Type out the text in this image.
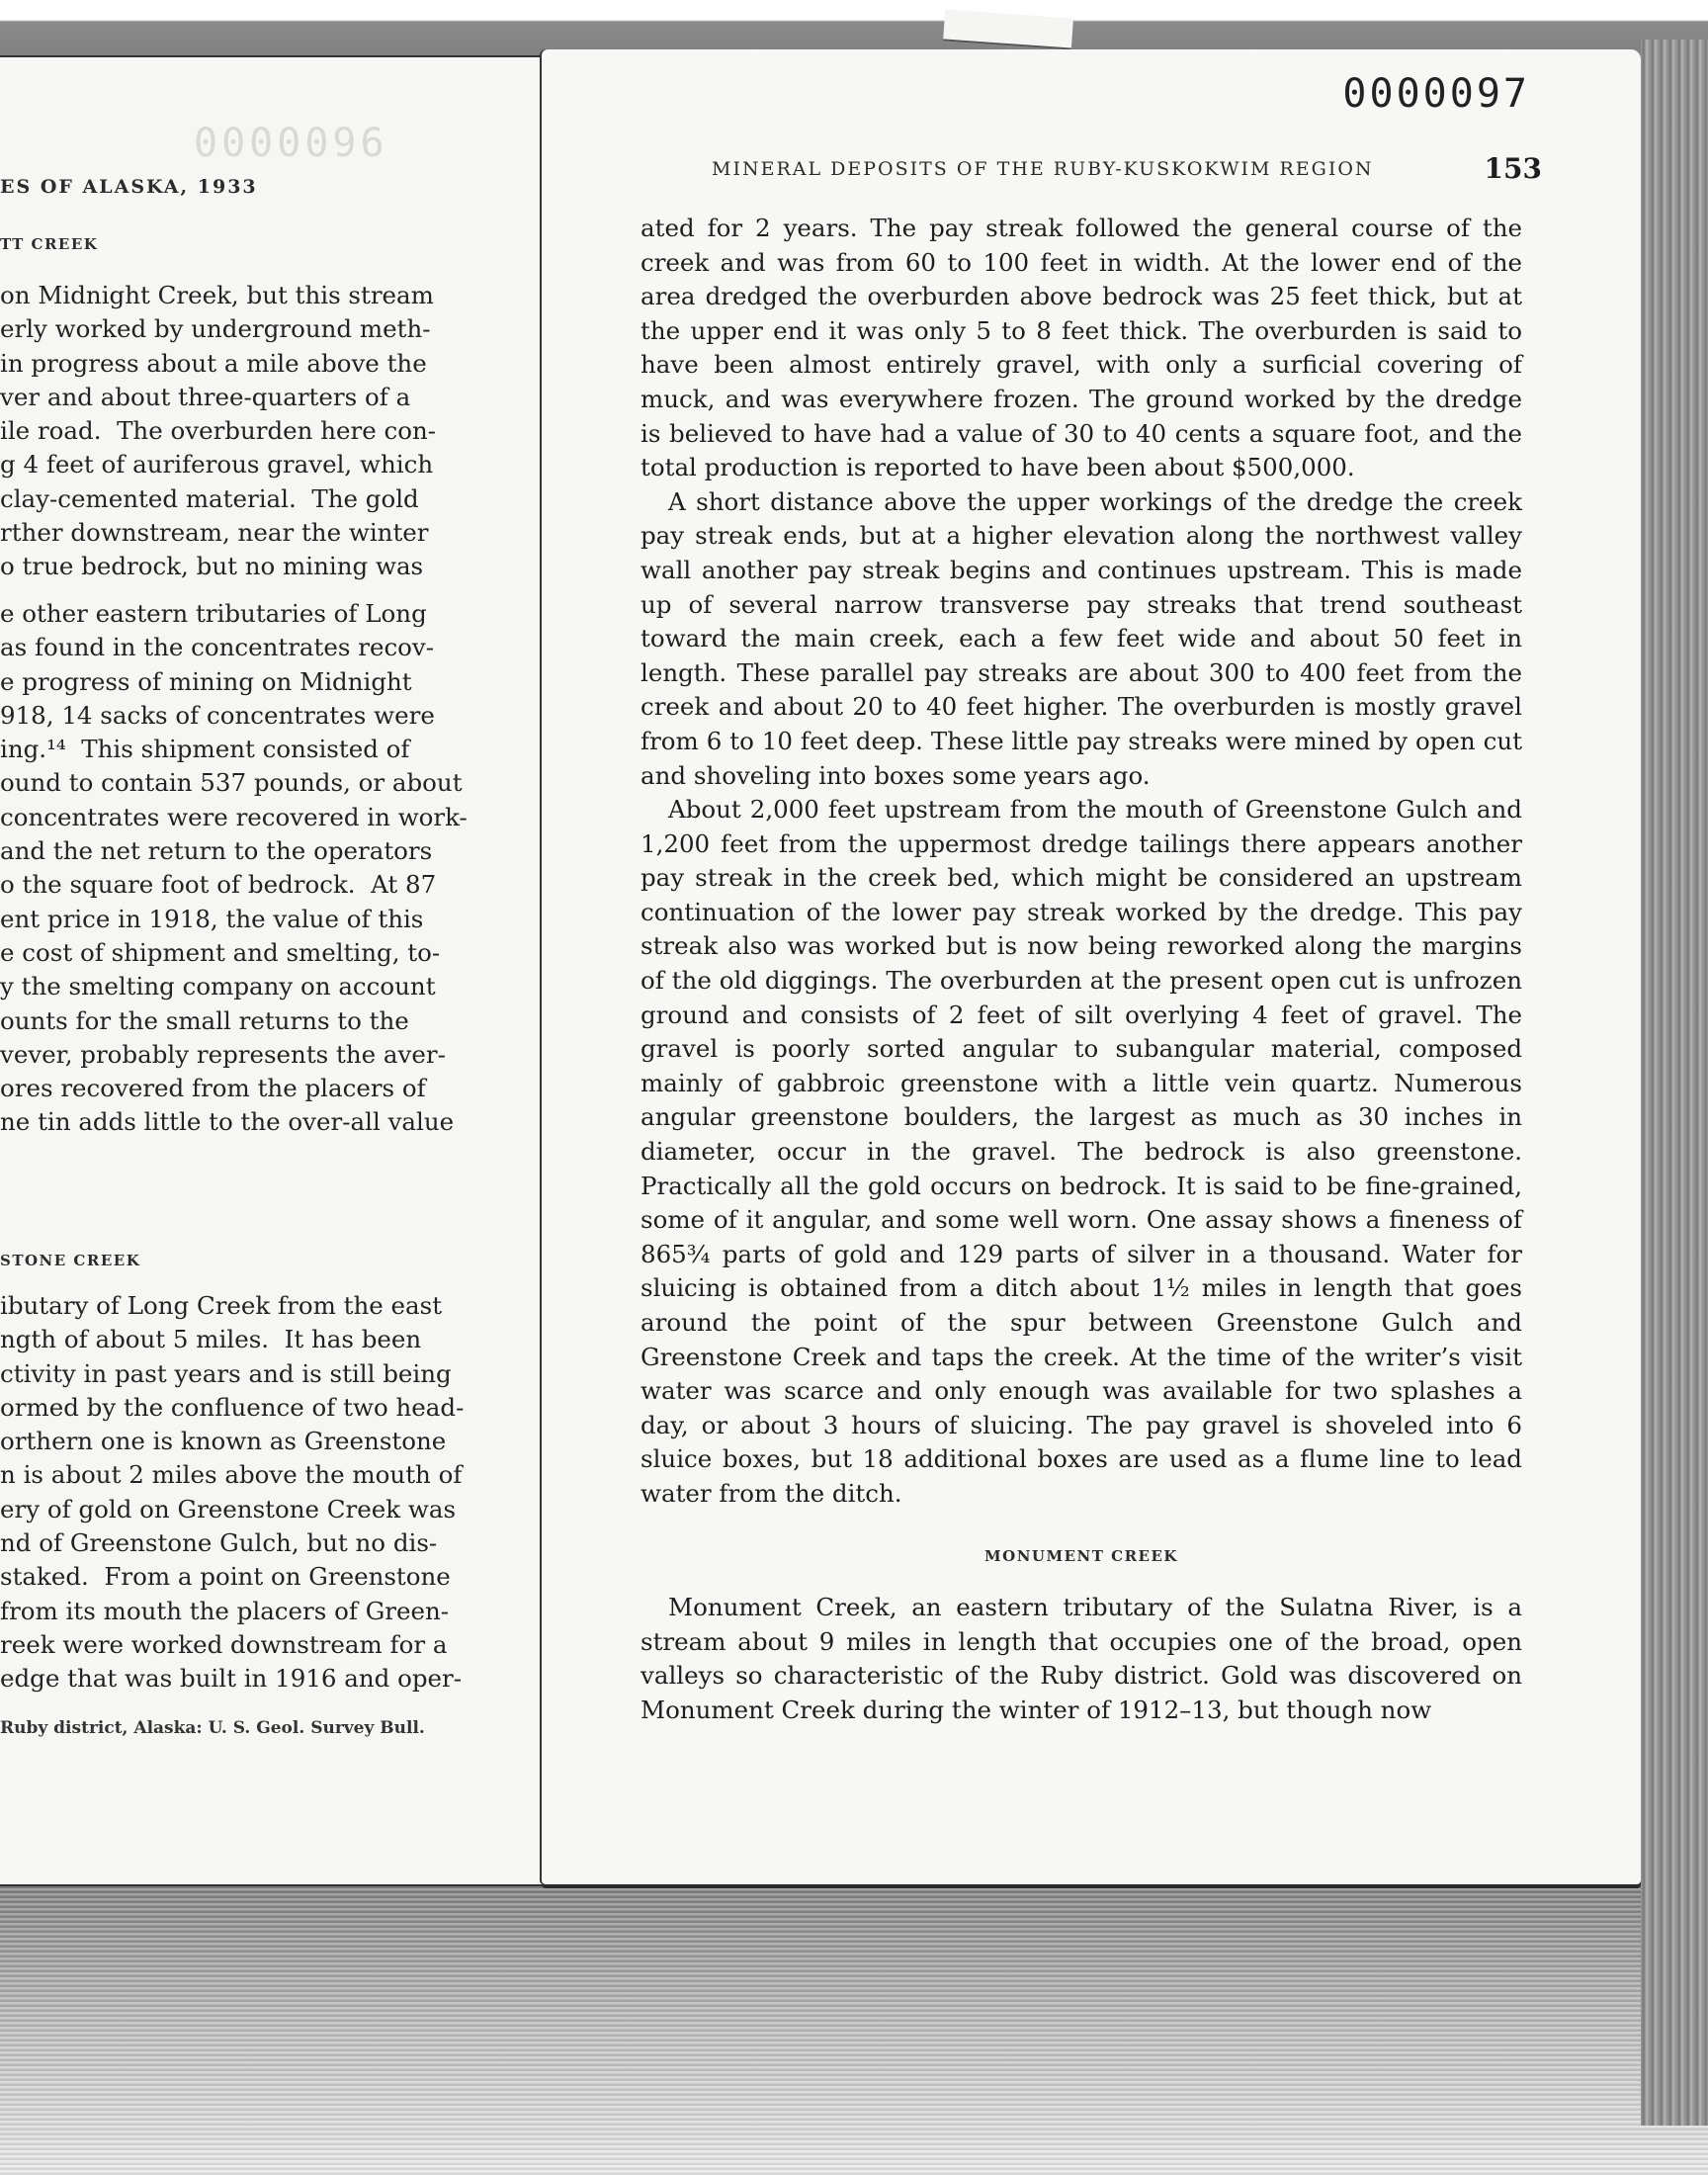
0000096
ES OF ALASKA, 1933
TT CREEK
on Midnight Creek, but this stream
erly worked by underground meth-
in progress about a mile above the
ver and about three-quarters of a
ile road.  The overburden here con-
g 4 feet of auriferous gravel, which
clay-cemented material.  The gold
rther downstream, near the winter
o true bedrock, but no mining was
e other eastern tributaries of Long
as found in the concentrates recov-
e progress of mining on Midnight
918, 14 sacks of concentrates were
ing.¹⁴  This shipment consisted of
ound to contain 537 pounds, or about
concentrates were recovered in work-
and the net return to the operators
o the square foot of bedrock.  At 87
ent price in 1918, the value of this
e cost of shipment and smelting, to-
y the smelting company on account
ounts for the small returns to the
vever, probably represents the aver-
ores recovered from the placers of
ne tin adds little to the over-all value
STONE CREEK
ibutary of Long Creek from the east
ngth of about 5 miles.  It has been
ctivity in past years and is still being
ormed by the confluence of two head-
orthern one is known as Greenstone
n is about 2 miles above the mouth of
ery of gold on Greenstone Creek was
nd of Greenstone Gulch, but no dis-
staked.  From a point on Greenstone
from its mouth the placers of Green-
reek were worked downstream for a
edge that was built in 1916 and oper-
Ruby district, Alaska: U. S. Geol. Survey Bull.
0000097
MINERAL DEPOSITS OF THE RUBY-KUSKOKWIM REGION	153

ated for 2 years. The pay streak followed the general course of the creek and was from 60 to 100 feet in width. At the lower end of the area dredged the overburden above bedrock was 25 feet thick, but at the upper end it was only 5 to 8 feet thick. The overburden is said to have been almost entirely gravel, with only a surficial covering of muck, and was everywhere frozen. The ground worked by the dredge is believed to have had a value of 30 to 40 cents a square foot, and the total production is reported to have been about $500,000.

A short distance above the upper workings of the dredge the creek pay streak ends, but at a higher elevation along the northwest valley wall another pay streak begins and continues upstream. This is made up of several narrow transverse pay streaks that trend southeast toward the main creek, each a few feet wide and about 50 feet in length. These parallel pay streaks are about 300 to 400 feet from the creek and about 20 to 40 feet higher. The overburden is mostly gravel from 6 to 10 feet deep. These little pay streaks were mined by open cut and shoveling into boxes some years ago.

About 2,000 feet upstream from the mouth of Greenstone Gulch and 1,200 feet from the uppermost dredge tailings there appears another pay streak in the creek bed, which might be considered an upstream continuation of the lower pay streak worked by the dredge. This pay streak also was worked but is now being reworked along the margins of the old diggings. The overburden at the present open cut is unfrozen ground and consists of 2 feet of silt overlying 4 feet of gravel. The gravel is poorly sorted angular to subangular material, composed mainly of gabbroic greenstone with a little vein quartz. Numerous angular greenstone boulders, the largest as much as 30 inches in diameter, occur in the gravel. The bedrock is also greenstone. Practically all the gold occurs on bedrock. It is said to be fine-grained, some of it angular, and some well worn. One assay shows a fineness of 865¾ parts of gold and 129 parts of silver in a thousand. Water for sluicing is obtained from a ditch about 1½ miles in length that goes around the point of the spur between Greenstone Gulch and Greenstone Creek and taps the creek. At the time of the writer’s visit water was scarce and only enough was available for two splashes a day, or about 3 hours of sluicing. The pay gravel is shoveled into 6 sluice boxes, but 18 additional boxes are used as a flume line to lead water from the ditch.

MONUMENT CREEK

Monument Creek, an eastern tributary of the Sulatna River, is a stream about 9 miles in length that occupies one of the broad, open valleys so characteristic of the Ruby district. Gold was discovered on Monument Creek during the winter of 1912–13, but though now
